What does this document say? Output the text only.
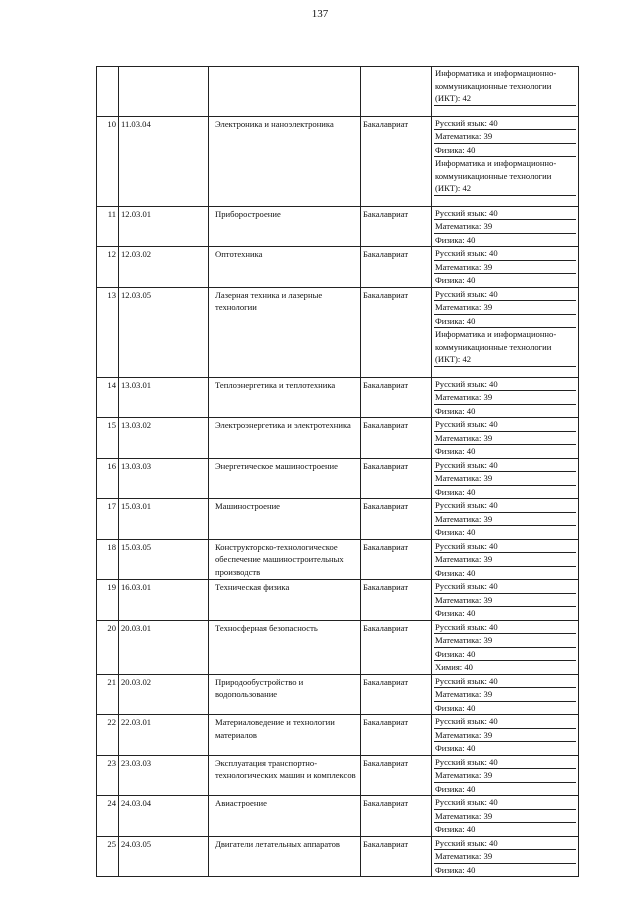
137

				Информатика и информационно-коммуникационные технологии (ИКТ): 42

10	11.03.04	Электроника и наноэлектроника	Бакалавриат	Русский язык: 40
Математика: 39
Физика: 40
Информатика и информационно-коммуникационные технологии (ИКТ): 42

11	12.03.01	Приборостроение	Бакалавриат	Русский язык: 40
Математика: 39
Физика: 40

12	12.03.02	Оптотехника	Бакалавриат	Русский язык: 40
Математика: 39
Физика: 40

13	12.03.05	Лазерная техника и лазерные технологии	Бакалавриат	Русский язык: 40
Математика: 39
Физика: 40
Информатика и информационно-коммуникационные технологии (ИКТ): 42

14	13.03.01	Теплоэнергетика и теплотехника	Бакалавриат	Русский язык: 40
Математика: 39
Физика: 40

15	13.03.02	Электроэнергетика и электротехника	Бакалавриат	Русский язык: 40
Математика: 39
Физика: 40

16	13.03.03	Энергетическое машиностроение	Бакалавриат	Русский язык: 40
Математика: 39
Физика: 40

17	15.03.01	Машиностроение	Бакалавриат	Русский язык: 40
Математика: 39
Физика: 40

18	15.03.05	Конструкторско-технологическое обеспечение машиностроительных производств	Бакалавриат	Русский язык: 40
Математика: 39
Физика: 40

19	16.03.01	Техническая физика	Бакалавриат	Русский язык: 40
Математика: 39
Физика: 40

20	20.03.01	Техносферная безопасность	Бакалавриат	Русский язык: 40
Математика: 39
Физика: 40
Химия: 40

21	20.03.02	Природообустройство и водопользование	Бакалавриат	Русский язык: 40
Математика: 39
Физика: 40

22	22.03.01	Материаловедение и технологии материалов	Бакалавриат	Русский язык: 40
Математика: 39
Физика: 40

23	23.03.03	Эксплуатация транспортно-технологических машин и комплексов	Бакалавриат	Русский язык: 40
Математика: 39
Физика: 40

24	24.03.04	Авиастроение	Бакалавриат	Русский язык: 40
Математика: 39
Физика: 40

25	24.03.05	Двигатели летательных аппаратов	Бакалавриат	Русский язык: 40
Математика: 39
Физика: 40
